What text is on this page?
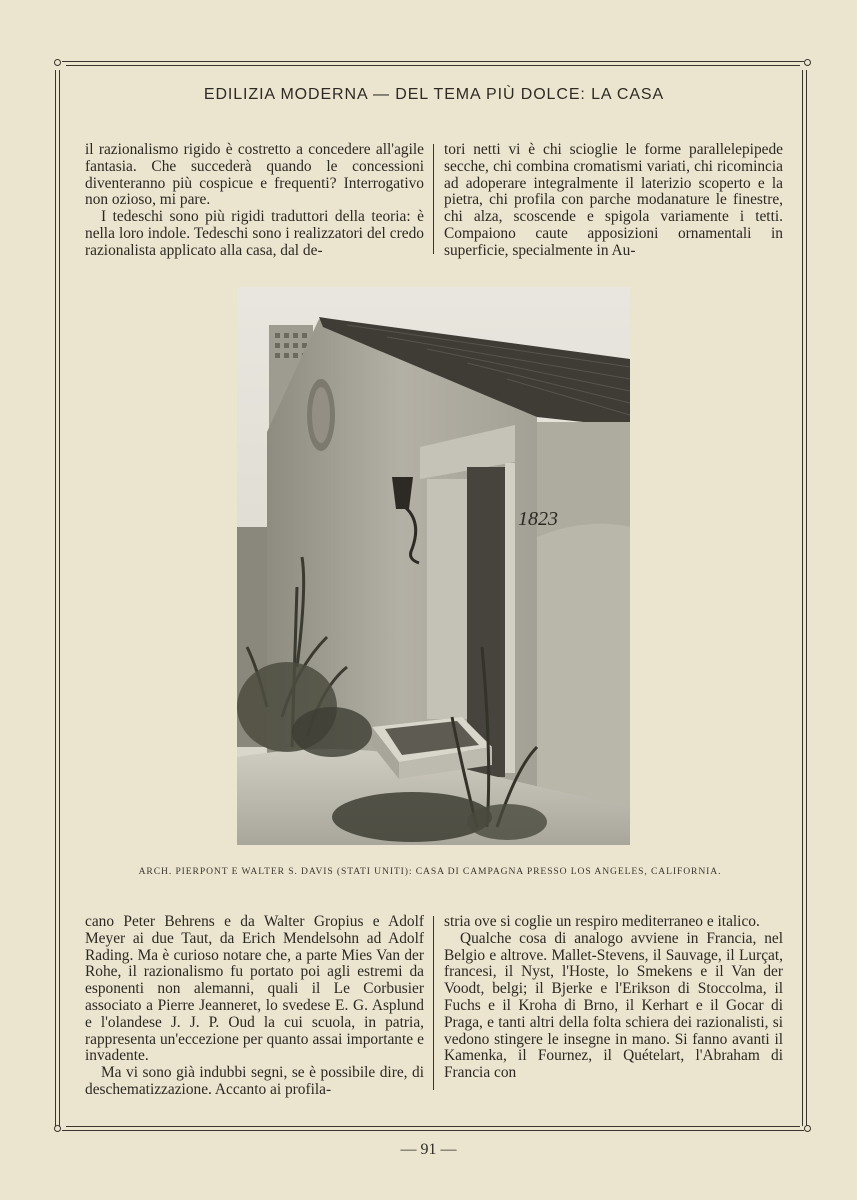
EDILIZIA MODERNA — DEL TEMA PIÙ DOLCE: LA CASA

il razionalismo rigido è costretto a concedere all'agile fantasia. Che succederà quando le concessioni diventeranno più cospicue e frequenti? Interrogativo non ozioso, mi pare.

I tedeschi sono più rigidi traduttori della teoria: è nella loro indole. Tedeschi sono i realizzatori del credo razionalista applicato alla casa, dal de-

tori netti vi è chi scioglie le forme parallelepipede secche, chi combina cromatismi variati, chi ricomincia ad adoperare integralmente il laterizio scoperto e la pietra, chi profila con parche modanature le finestre, chi alza, scoscende e spigola variamente i tetti. Compaiono caute apposizioni ornamentali in superficie, specialmente in Au-

1823
ARCH. PIERPONT E WALTER S. DAVIS (STATI UNITI): CASA DI CAMPAGNA PRESSO LOS ANGELES, CALIFORNIA.

cano Peter Behrens e da Walter Gropius e Adolf Meyer ai due Taut, da Erich Mendelsohn ad Adolf Rading. Ma è curioso notare che, a parte Mies Van der Rohe, il razionalismo fu portato poi agli estremi da esponenti non alemanni, quali il Le Corbusier associato a Pierre Jeanneret, lo svedese E. G. Asplund e l'olandese J. J. P. Oud la cui scuola, in patria, rappresenta un'eccezione per quanto assai importante e invadente.

Ma vi sono già indubbi segni, se è possibile dire, di deschematizzazione. Accanto ai profila-

stria ove si coglie un respiro mediterraneo e italico.

Qualche cosa di analogo avviene in Francia, nel Belgio e altrove. Mallet-Stevens, il Sauvage, il Lurçat, francesi, il Nyst, l'Hoste, lo Smekens e il Van der Voodt, belgi; il Bjerke e l'Erikson di Stoccolma, il Fuchs e il Kroha di Brno, il Kerhart e il Gocar di Praga, e tanti altri della folta schiera dei razionalisti, si vedono stingere le insegne in mano. Si fanno avanti il Kamenka, il Fournez, il Quételart, l'Abraham di Francia con

— 91 —
